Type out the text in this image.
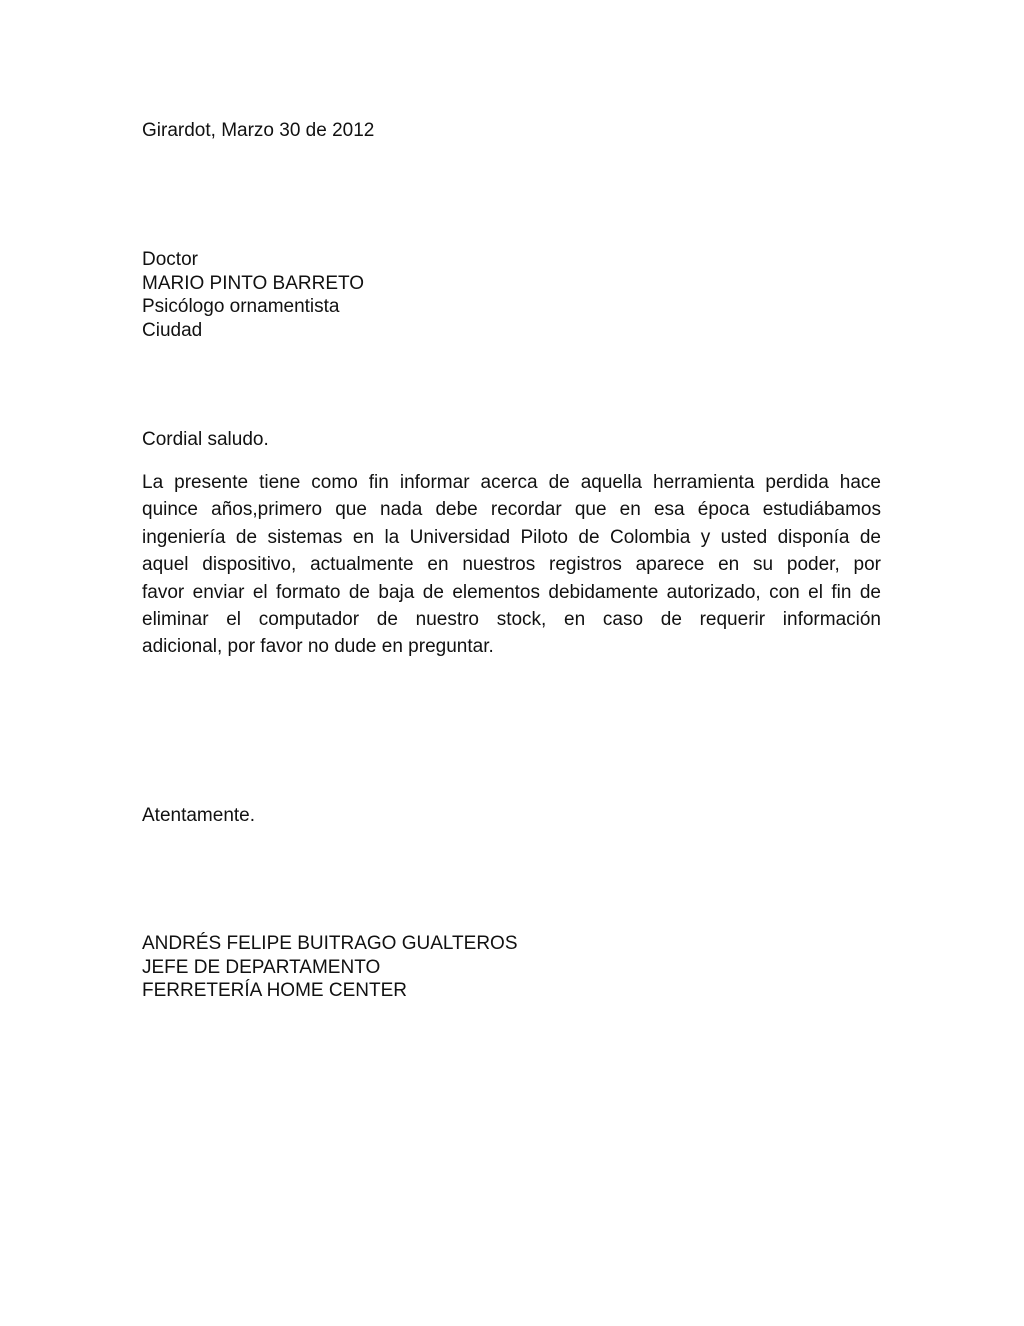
Girardot, Marzo 30 de 2012
Doctor
MARIO PINTO BARRETO
Psicólogo ornamentista
Ciudad
Cordial saludo.
La presente tiene como fin informar acerca de aquella herramienta perdida hace
quince años,primero que nada debe recordar que en esa época estudiábamos
ingeniería de sistemas en la Universidad Piloto de Colombia y usted disponía de
aquel dispositivo, actualmente en nuestros registros aparece en su poder, por
favor enviar el formato de baja de elementos debidamente autorizado, con el fin de
eliminar el computador de nuestro stock, en caso de requerir información
adicional, por favor no dude en preguntar.
Atentamente.
ANDRÉS FELIPE BUITRAGO GUALTEROS
JEFE DE DEPARTAMENTO
FERRETERÍA HOME CENTER
